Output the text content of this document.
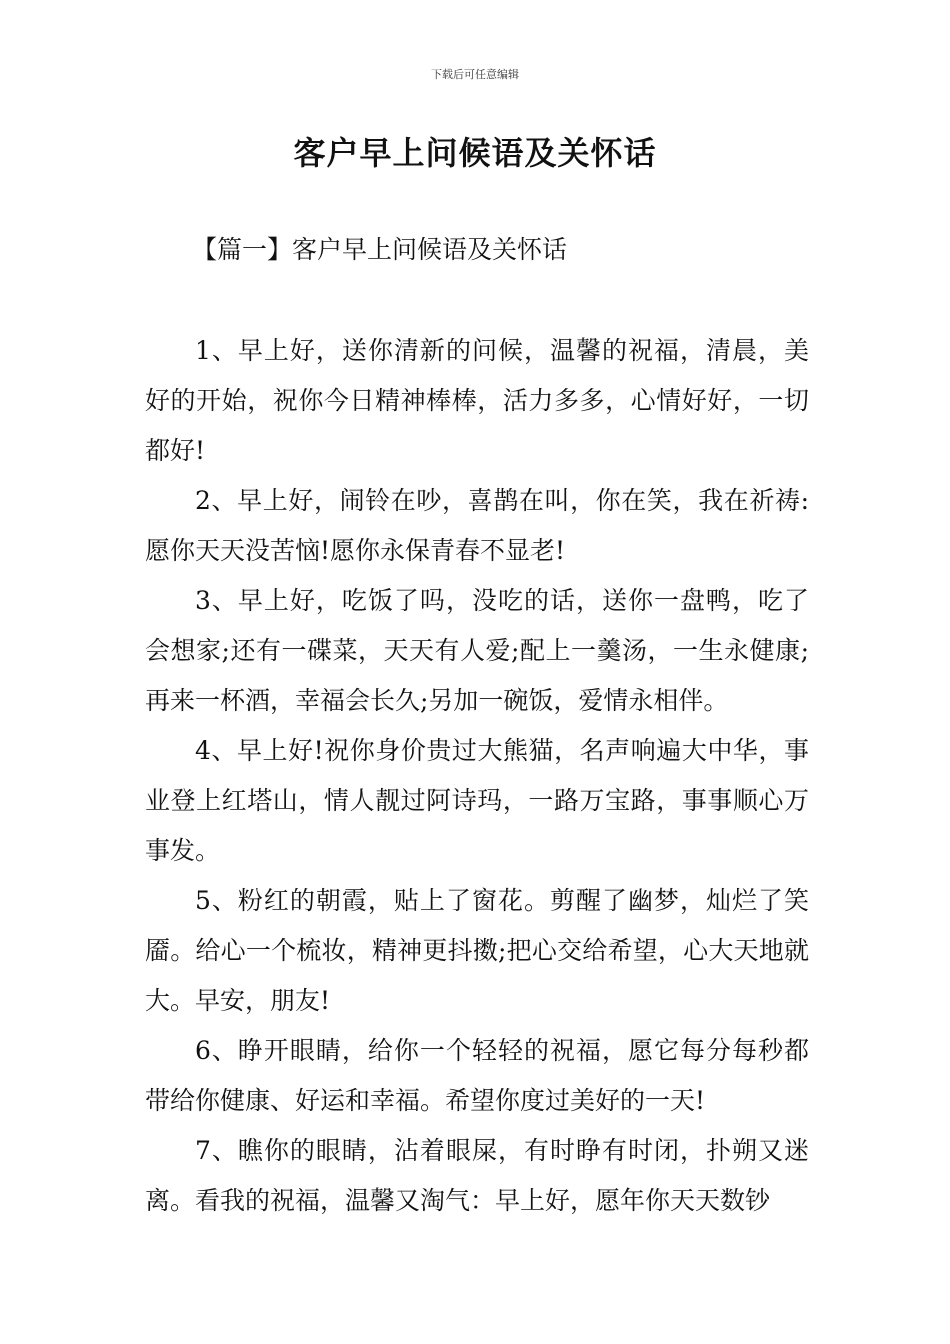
下载后可任意编辑
客户早上问候语及关怀话
【篇一】客户早上问候语及关怀话

1、早上好，送你清新的问候，温馨的祝福，清晨，美好的开始，祝你今日精神棒棒，活力多多，心情好好，一切都好!

2、早上好，闹铃在吵，喜鹊在叫，你在笑，我在祈祷:愿你天天没苦恼!愿你永保青春不显老!

3、早上好，吃饭了吗，没吃的话，送你一盘鸭，吃了会想家;还有一碟菜，天天有人爱;配上一羹汤，一生永健康;再来一杯酒，幸福会长久;另加一碗饭，爱情永相伴。

4、早上好!祝你身价贵过大熊猫，名声响遍大中华，事业登上红塔山，情人靓过阿诗玛，一路万宝路，事事顺心万事发。

5、粉红的朝霞，贴上了窗花。剪醒了幽梦，灿烂了笑靥。给心一个梳妆，精神更抖擞;把心交给希望，心大天地就大。早安，朋友!

6、睁开眼睛，给你一个轻轻的祝福，愿它每分每秒都带给你健康、好运和幸福。希望你度过美好的一天!

7、瞧你的眼睛，沾着眼屎，有时睁有时闭，扑朔又迷离。看我的祝福，温馨又淘气：早上好，愿年你天天数钞
